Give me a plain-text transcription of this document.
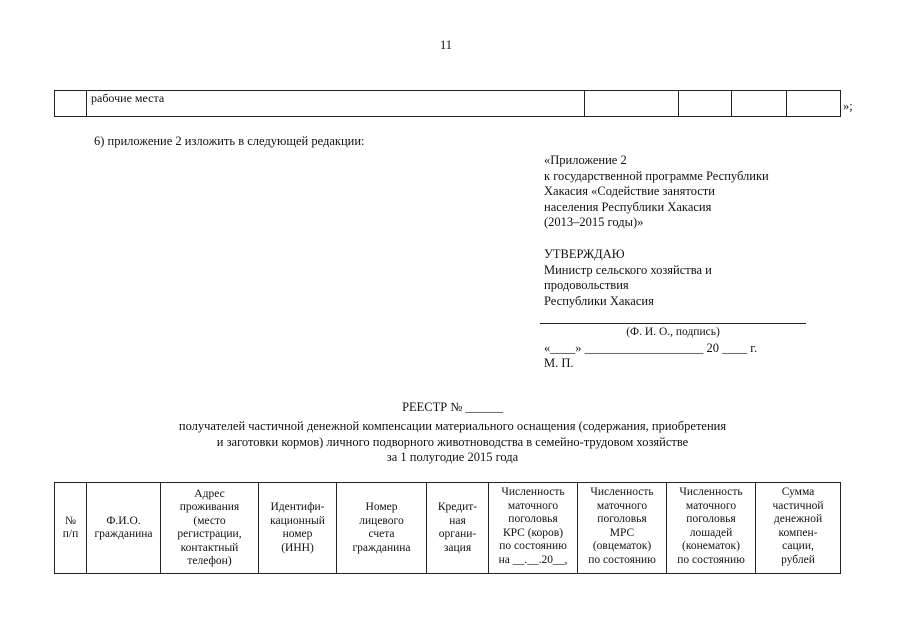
11
	рабочие места				
»;
6) приложение 2 изложить в следующей редакции:
«Приложение 2
к государственной программе Республики
Хакасия «Содействие занятости
населения Республики Хакасия
(2013–2015 годы)»
УТВЕРЖДАЮ
Министр сельского хозяйства и
продовольствия
Республики Хакасия
(Ф. И. О., подпись)
«____» ___________________ 20 ____ г.
М. П.
РЕЕСТР № ______
получателей частичной денежной компенсации материального оснащения (содержания, приобретения
и заготовки кормов) личного подворного животноводства в семейно-трудовом хозяйстве
за 1 полугодие 2015 года
№
п/п	Ф.И.О.
гражданина	Адрес
проживания
(место
регистрации,
контактный
телефон)	Идентифи-
кационный
номер
(ИНН)	Номер
лицевого
счета
гражданина	Кредит-
ная
органи-
зация	Численность
маточного
поголовья
КРС (коров)
по состоянию
на __.__.20__,	Численность
маточного
поголовья
МРС
(овцематок)
по состоянию	Численность
маточного
поголовья
лошадей
(конематок)
по состоянию	Сумма
частичной
денежной
компен-
сации,
рублей
